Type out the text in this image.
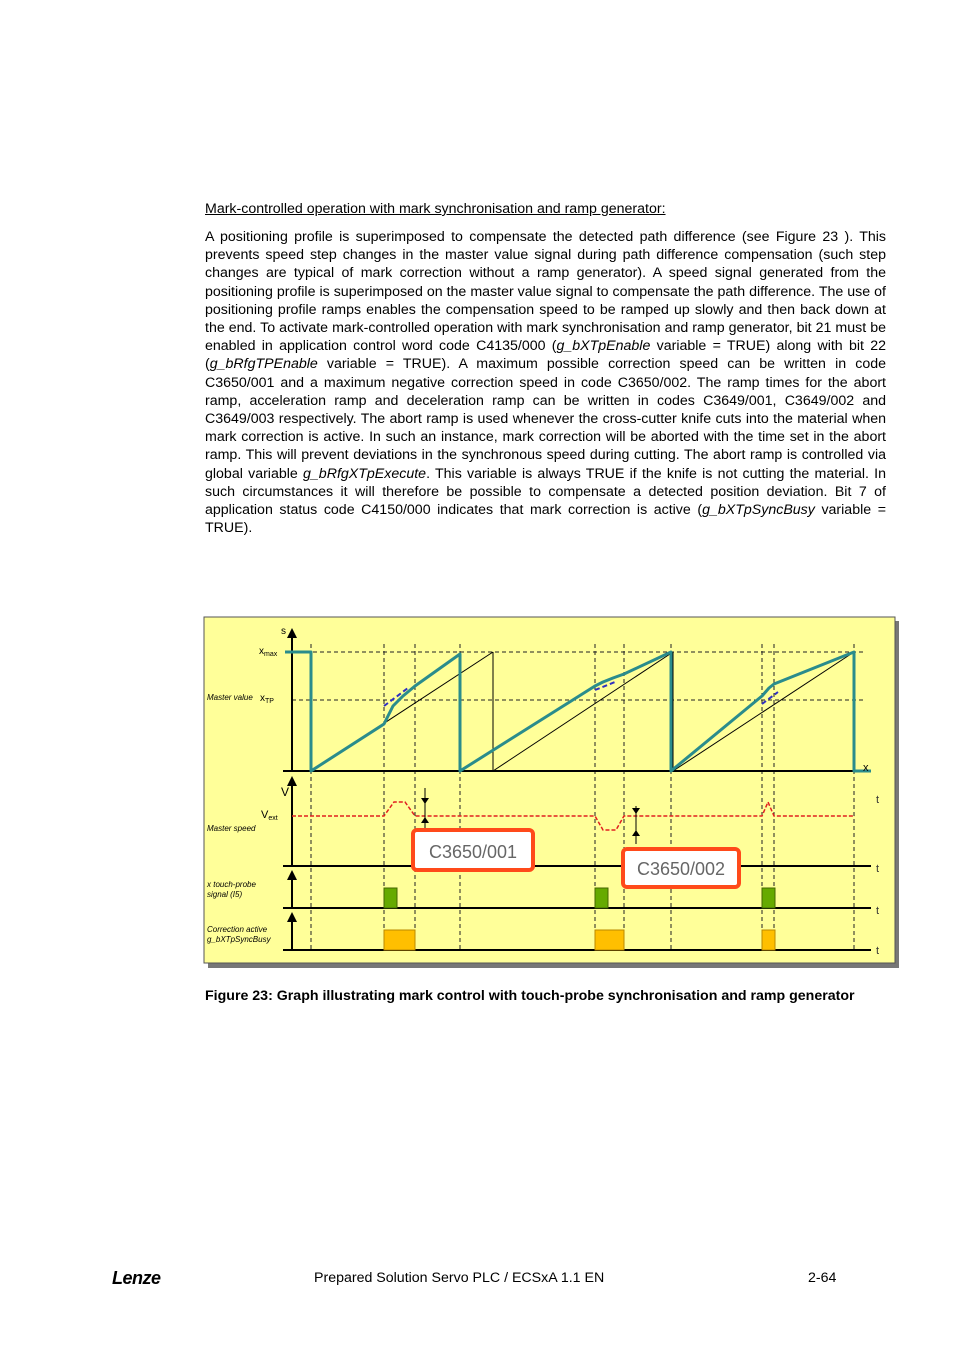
Mark-controlled operation with mark synchronisation and ramp generator:

A positioning profile is superimposed to compensate the detected path difference (see Figure 23 ). This prevents speed step changes in the master value signal during path difference compensation (such step changes are typical of mark correction without a ramp generator). A speed signal generated from the positioning profile is superimposed on the master value signal to compensate the path difference. The use of positioning profile ramps enables the compensation speed to be ramped up slowly and then back down at the end. To activate mark-controlled operation with mark synchronisation and ramp generator, bit 21 must be enabled in application control word code C4135/000 (g_bXTpEnable variable = TRUE) along with bit 22 (g_bRfgTPEnable variable = TRUE). A maximum possible correction speed can be written in code C3650/001 and a maximum negative correction speed in code C3650/002. The ramp times for the abort ramp, acceleration ramp and deceleration ramp can be written in codes C3649/001, C3649/002 and C3649/003 respectively. The abort ramp is used whenever the cross-cutter knife cuts into the material when mark correction is active. In such an instance, mark correction will be aborted with the time set in the abort ramp. This will prevent deviations in the synchronous speed during cutting. The abort ramp is controlled via global variable g_bRfgXTpExecute. This variable is always TRUE if the knife is not cutting the material. In such circumstances it will therefore be possible to compensate a detected position deviation. Bit 7 of application status code C4150/000 indicates that mark correction is active (g_bXTpSyncBusy variable = TRUE).

C3650/001
C3650/002
s
$x_{max}$
$x_{TP}$
V
Vext
x
t
t
t
t
Master value
Master speed
x touch-probe
signal (I5)
Correction active
g_bXTpSyncBusy

Figure 23: Graph illustrating mark control with touch-probe synchronisation and ramp generator

Lenze	Prepared Solution Servo PLC / ECSxA 1.1 EN	2-64
